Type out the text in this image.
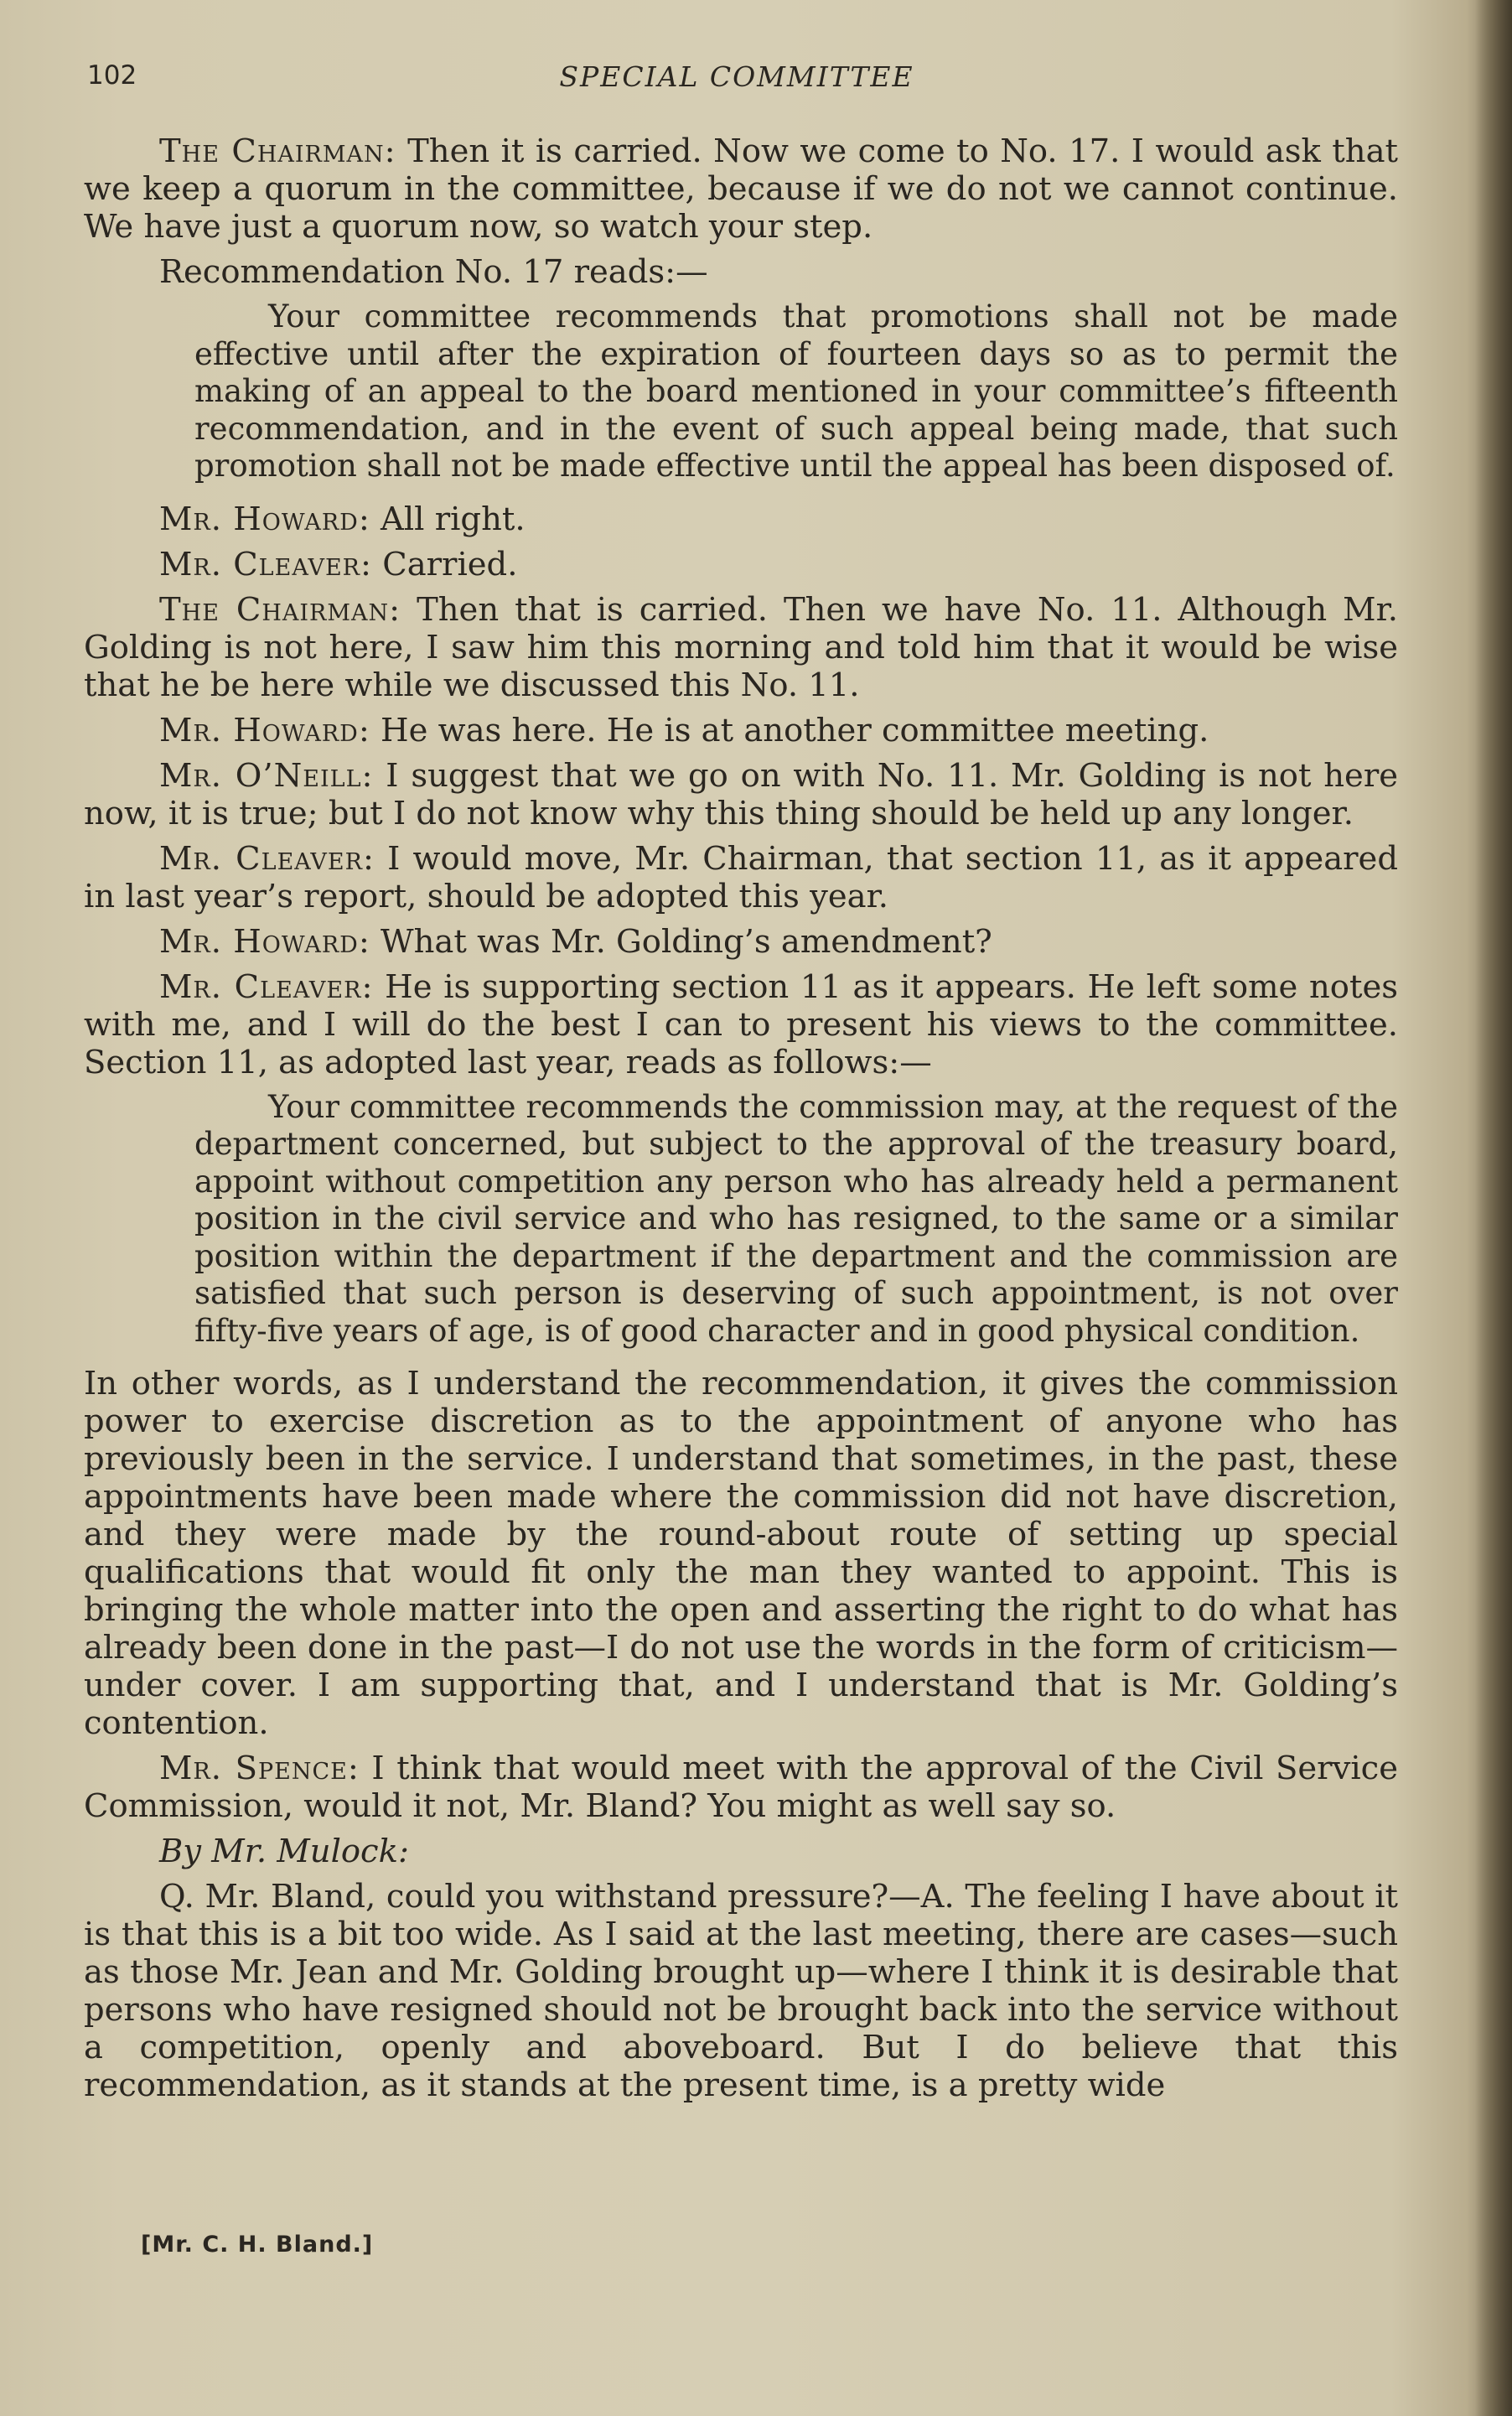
102	SPECIAL COMMITTEE

The Chairman: Then it is carried. Now we come to No. 17. I would ask that we keep a quorum in the committee, because if we do not we cannot continue. We have just a quorum now, so watch your step.

Recommendation No. 17 reads:—

Your committee recommends that promotions shall not be made effective until after the expiration of fourteen days so as to permit the making of an appeal to the board mentioned in your committee’s fifteenth recommendation, and in the event of such appeal being made, that such promotion shall not be made effective until the appeal has been disposed of.

Mr. Howard: All right.

Mr. Cleaver: Carried.

The Chairman: Then that is carried. Then we have No. 11. Although Mr. Golding is not here, I saw him this morning and told him that it would be wise that he be here while we discussed this No. 11.

Mr. Howard: He was here. He is at another committee meeting.

Mr. O’Neill: I suggest that we go on with No. 11. Mr. Golding is not here now, it is true; but I do not know why this thing should be held up any longer.

Mr. Cleaver: I would move, Mr. Chairman, that section 11, as it appeared in last year’s report, should be adopted this year.

Mr. Howard: What was Mr. Golding’s amendment?

Mr. Cleaver: He is supporting section 11 as it appears. He left some notes with me, and I will do the best I can to present his views to the committee. Section 11, as adopted last year, reads as follows:—

Your committee recommends the commission may, at the request of the department concerned, but subject to the approval of the treasury board, appoint without competition any person who has already held a permanent position in the civil service and who has resigned, to the same or a similar position within the department if the department and the commission are satisfied that such person is deserving of such appointment, is not over fifty-five years of age, is of good character and in good physical condition.

In other words, as I understand the recommendation, it gives the commission power to exercise discretion as to the appointment of anyone who has previously been in the service. I understand that sometimes, in the past, these appointments have been made where the commission did not have discretion, and they were made by the round-about route of setting up special qualifications that would fit only the man they wanted to appoint. This is bringing the whole matter into the open and asserting the right to do what has already been done in the past—I do not use the words in the form of criticism—under cover. I am supporting that, and I understand that is Mr. Golding’s contention.

Mr. Spence: I think that would meet with the approval of the Civil Service Commission, would it not, Mr. Bland? You might as well say so.

By Mr. Mulock:

Q. Mr. Bland, could you withstand pressure?—A. The feeling I have about it is that this is a bit too wide. As I said at the last meeting, there are cases—such as those Mr. Jean and Mr. Golding brought up—where I think it is desirable that persons who have resigned should not be brought back into the service without a competition, openly and aboveboard. But I do believe that this recommendation, as it stands at the present time, is a pretty wide

[Mr. C. H. Bland.]
